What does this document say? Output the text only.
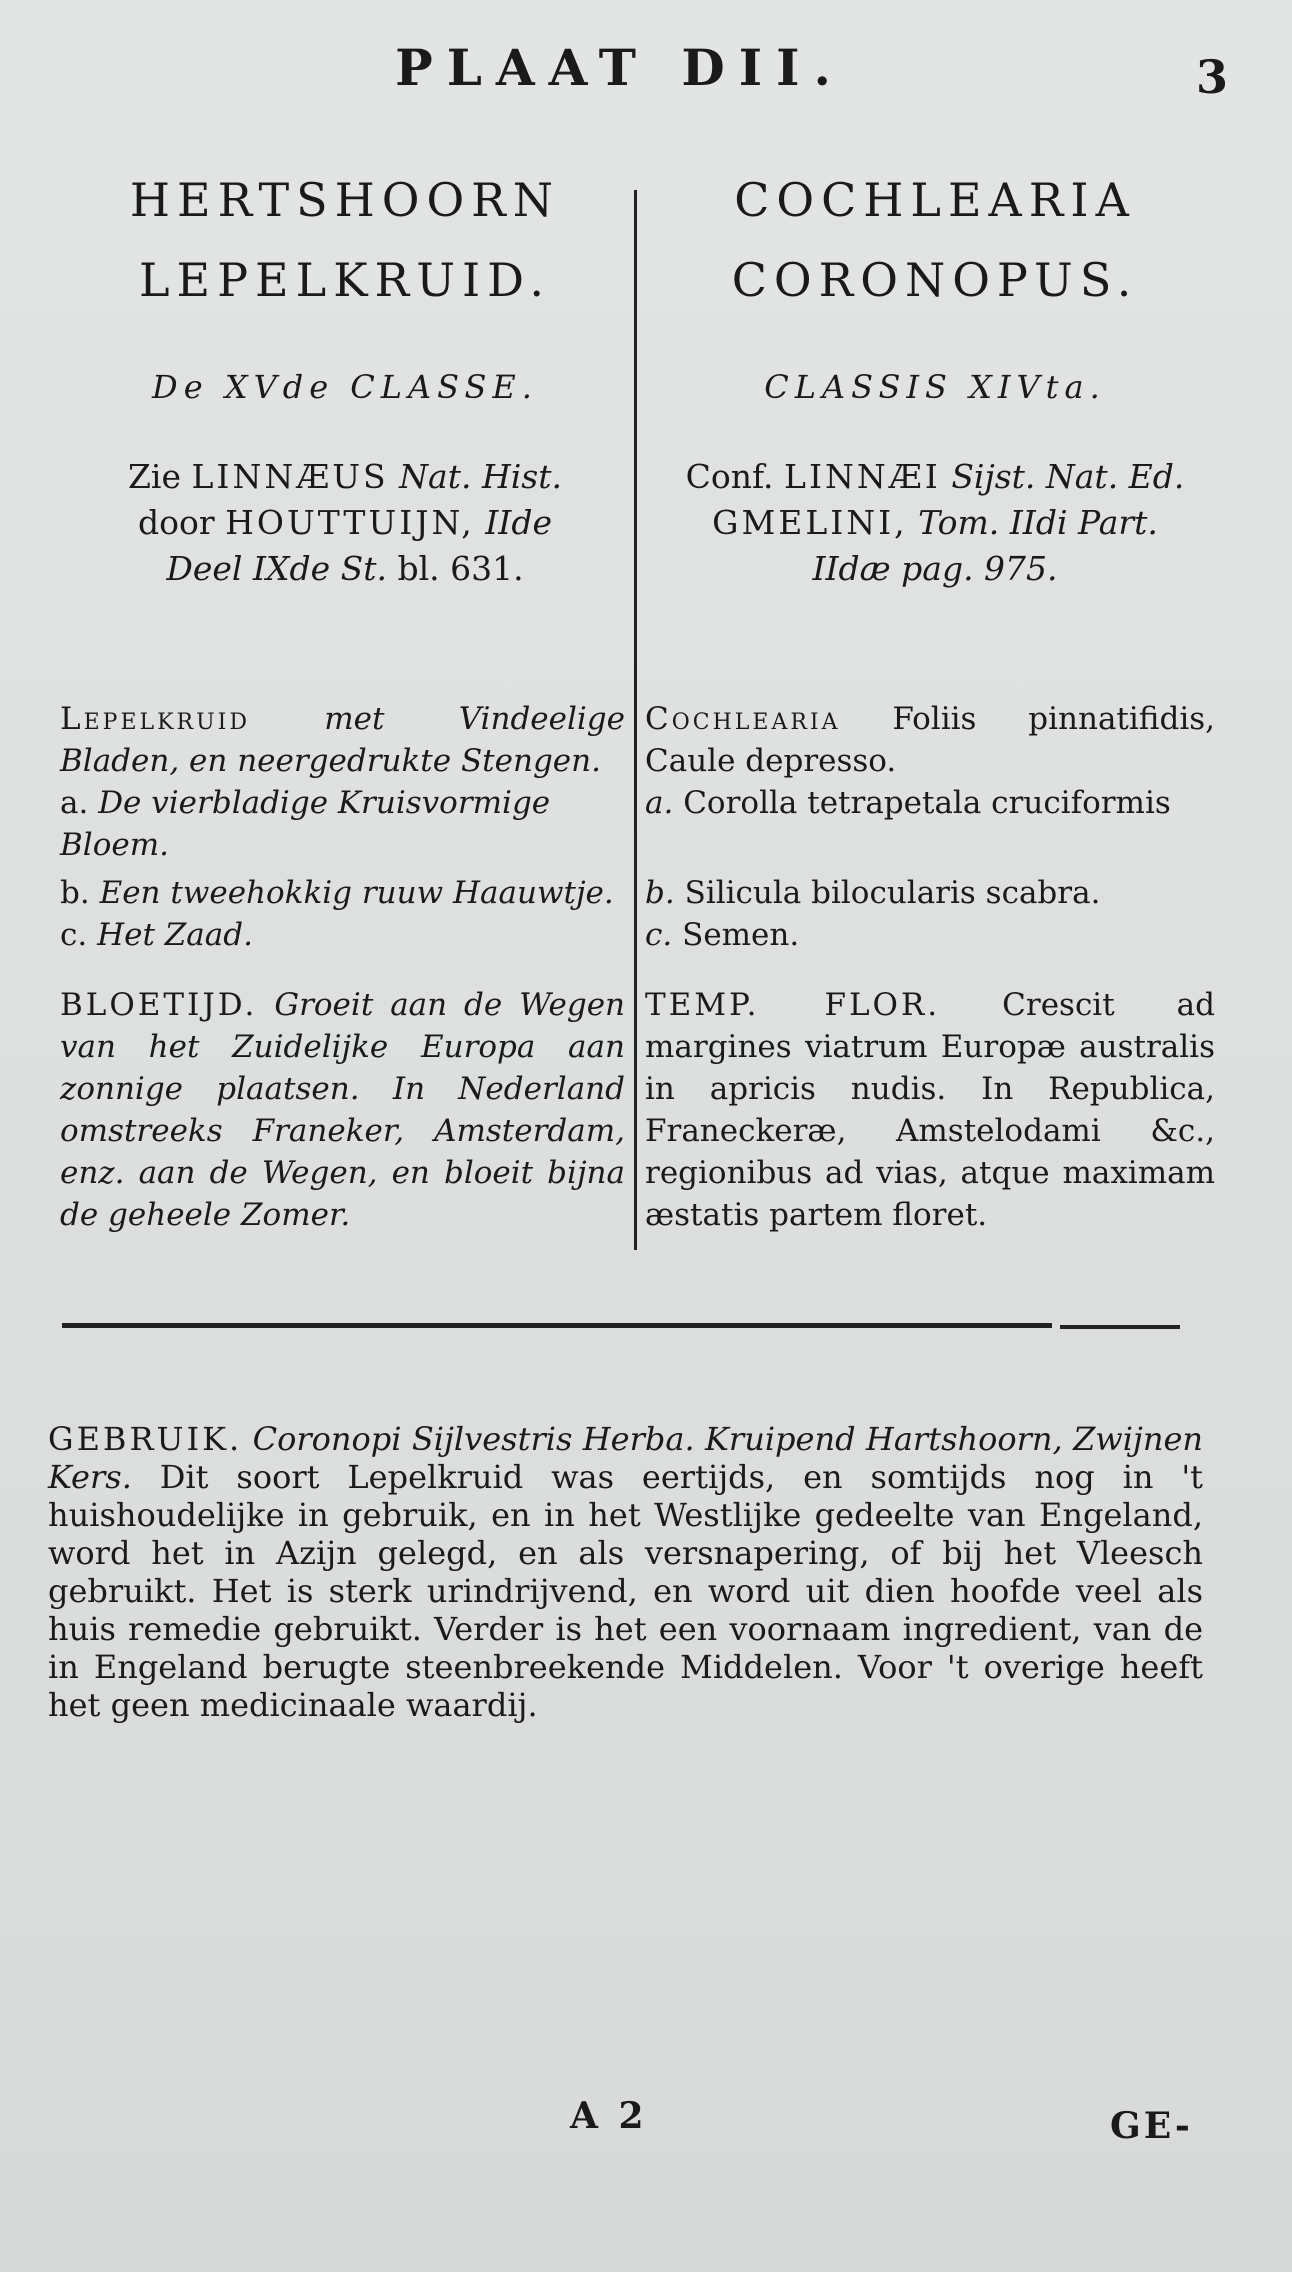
PLAAT DII.	3
HERTSHOORN
LEPELKRUID.
De XVde CLASSE.
Zie LINNÆUS Nat. Hist.
door HOUTTUIJN, IIde
Deel IXde St. bl. 631.

Lepelkruid met Vindeelige Bladen, en neergedrukte Stengen.

a. De vierbladige Kruisvormige Bloem.

b. Een tweehokkig ruuw Haauwtje.

c. Het Zaad.

BLOETIJD. Groeit aan de Wegen van het Zuidelijke Europa aan zonnige plaatsen. In Nederland omstreeks Franeker, Amsterdam, enz. aan de Wegen, en bloeit bijna de geheele Zomer.

COCHLEARIA
CORONOPUS.
CLASSIS XIVta.
Conf. LINNÆI Sijst. Nat. Ed.
GMELINI, Tom. IIdi Part.
IIdæ pag. 975.

Cochlearia Foliis pinnatifidis, Caule depresso.

a. Corolla tetrapetala cruciformis

b. Silicula bilocularis scabra.

c. Semen.

TEMP. FLOR. Crescit ad margines viatrum Europæ australis in apricis nudis. In Republica, Franeckeræ, Amstelodami &c., regionibus ad vias, atque maximam æstatis partem floret.

GEBRUIK. Coronopi Sijlvestris Herba. Kruipend Hartshoorn, Zwijnen Kers. Dit soort Lepelkruid was eertijds, en somtijds nog in 't huishoudelijke in gebruik, en in het Westlijke gedeelte van Engeland, word het in Azijn gelegd, en als versnapering, of bij het Vleesch gebruikt. Het is sterk urindrijvend, en word uit dien hoofde veel als huis remedie gebruikt. Verder is het een voornaam ingredient, van de in Engeland berugte steenbreekende Middelen. Voor 't overige heeft het geen medicinaale waardij.
A 2	GE-
